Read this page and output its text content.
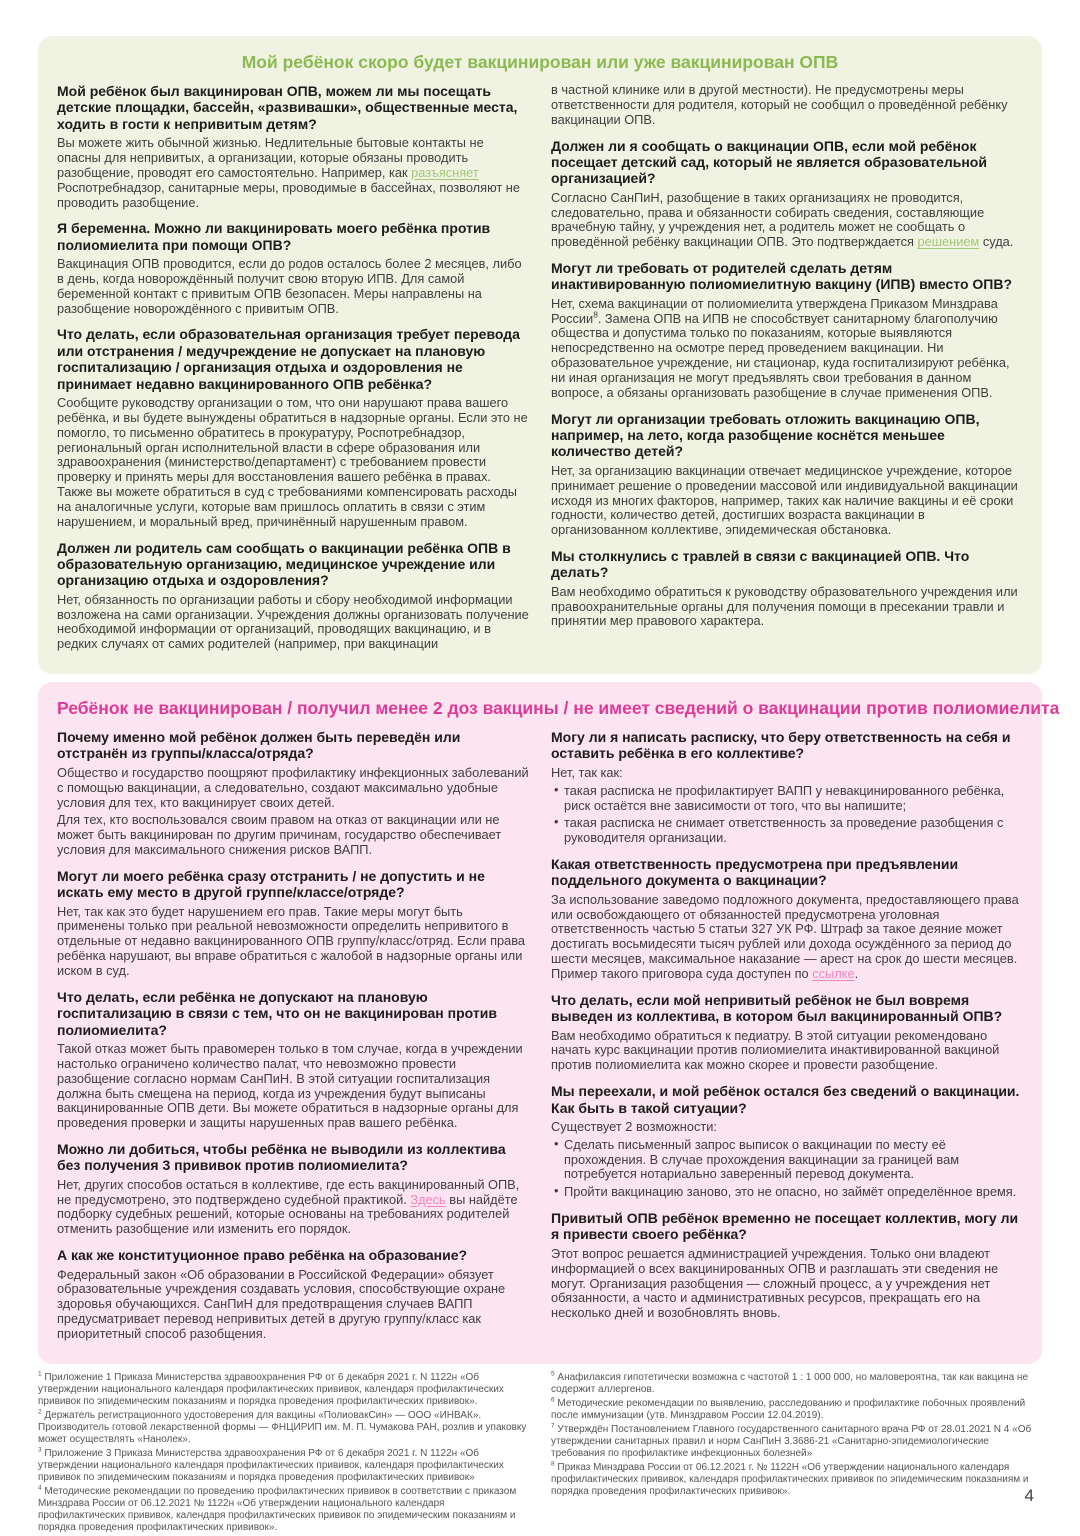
Мой ребёнок скоро будет вакцинирован или уже вакцинирован ОПВ
Мой ребёнок был вакцинирован ОПВ, можем ли мы посещать детские площадки, бассейн, «развивашки», общественные места, ходить в гости к непривитым детям?

Вы можете жить обычной жизнью. Недлительные бытовые контакты не опасны для непривитых, а организации, которые обязаны проводить разобщение, проводят его самостоятельно. Например, как разъясняет Роспотребнадзор, санитарные меры, проводимые в бассейнах, позволяют не проводить разобщение.

Я беременна. Можно ли вакцинировать моего ребёнка против полиомиелита при помощи ОПВ?

Вакцинация ОПВ проводится, если до родов осталось более 2 месяцев, либо в день, когда новорождённый получит свою вторую ИПВ. Для самой беременной контакт с привитым ОПВ безопасен. Меры направлены на разобщение новорождённого с привитым ОПВ.

Что делать, если образовательная организация требует перевода или отстранения / медучреждение не допускает на плановую госпитализацию / организация отдыха и оздоровления не принимает недавно вакцинированного ОПВ ребёнка?

Сообщите руководству организации о том, что они нарушают права вашего ребёнка, и вы будете вынуждены обратиться в надзорные органы. Если это не помогло, то письменно обратитесь в прокуратуру, Роспотребнадзор, региональный орган исполнительной власти в сфере образования или здравоохранения (министерство/департамент) с требованием провести проверку и принять меры для восстановления вашего ребёнка в правах. Также вы можете обратиться в суд с требованиями компенсировать расходы на аналогичные услуги, которые вам пришлось оплатить в связи с этим нарушением, и моральный вред, причинённый нарушенным правом.

Должен ли родитель сам сообщать о вакцинации ребёнка ОПВ в образовательную организацию, медицинское учреждение или организацию отдыха и оздоровления?

Нет, обязанность по организации работы и сбору необходимой информации возложена на сами организации. Учреждения должны организовать получение необходимой информации от организаций, проводящих вакцинацию, и в редких случаях от самих родителей (например, при вакцинации

в частной клинике или в другой местности). Не предусмотрены меры ответственности для родителя, который не сообщил о проведённой ребёнку вакцинации ОПВ.

Должен ли я сообщать о вакцинации ОПВ, если мой ребёнок посещает детский сад, который не является образовательной организацией?

Согласно СанПиН, разобщение в таких организациях не проводится, следовательно, права и обязанности собирать сведения, составляющие врачебную тайну, у учреждения нет, а родитель может не сообщать о проведённой ребёнку вакцинации ОПВ. Это подтверждается решением суда.

Могут ли требовать от родителей сделать детям инактивированную полиомиелитную вакцину (ИПВ) вместо ОПВ?

Нет, схема вакцинации от полиомиелита утверждена Приказом Минздрава России$^8$. Замена ОПВ на ИПВ не способствует санитарному благополучию общества и допустима только по показаниям, которые выявляются непосредственно на осмотре перед проведением вакцинации. Ни образовательное учреждение, ни стационар, куда госпитализируют ребёнка, ни иная организация не могут предъявлять свои требования в данном вопросе, а обязаны организовать разобщение в случае применения ОПВ.

Могут ли организации требовать отложить вакцинацию ОПВ, например, на лето, когда разобщение коснётся меньшее количество детей?

Нет, за организацию вакцинации отвечает медицинское учреждение, которое принимает решение о проведении массовой или индивидуальной вакцинации исходя из многих факторов, например, таких как наличие вакцины и её сроки годности, количество детей, достигших возраста вакцинации в организованном коллективе, эпидемическая обстановка.

Мы столкнулись с травлей в связи с вакцинацией ОПВ. Что делать?

Вам необходимо обратиться к руководству образовательного учреждения или правоохранительные органы для получения помощи в пресекании травли и принятии мер правового характера.

Ребёнок не вакцинирован / получил менее 2 доз вакцины / не имеет сведений о вакцинации против полиомиелита
Почему именно мой ребёнок должен быть переведён или отстранён из группы/класса/отряда?

Общество и государство поощряют профилактику инфекционных заболеваний с помощью вакцинации, а следовательно, создают максимально удобные условия для тех, кто вакцинирует своих детей.

Для тех, кто воспользовался своим правом на отказ от вакцинации или не может быть вакцинирован по другим причинам, государство обеспечивает условия для максимального снижения рисков ВАПП.

Могут ли моего ребёнка сразу отстранить / не допустить и не искать ему место в другой группе/классе/отряде?

Нет, так как это будет нарушением его прав. Такие меры могут быть применены только при реальной невозможности определить непривитого в отдельные от недавно вакцинированного ОПВ группу/класс/отряд. Если права ребёнка нарушают, вы вправе обратиться с жалобой в надзорные органы или иском в суд.

Что делать, если ребёнка не допускают на плановую госпитализацию в связи с тем, что он не вакцинирован против полиомиелита?

Такой отказ может быть правомерен только в том случае, когда в учреждении настолько ограничено количество палат, что невозможно провести разобщение согласно нормам СанПиН. В этой ситуации госпитализация должна быть смещена на период, когда из учреждения будут выписаны вакцинированные ОПВ дети. Вы можете обратиться в надзорные органы для проведения проверки и защиты нарушенных прав вашего ребёнка.

Можно ли добиться, чтобы ребёнка не выводили из коллектива без получения 3 прививок против полиомиелита?

Нет, других способов остаться в коллективе, где есть вакцинированный ОПВ, не предусмотрено, это подтверждено судебной практикой. Здесь вы найдёте подборку судебных решений, которые основаны на требованиях родителей отменить разобщение или изменить его порядок.

А как же конституционное право ребёнка на образование?

Федеральный закон «Об образовании в Российской Федерации» обязует образовательные учреждения создавать условия, способствующие охране здоровья обучающихся. СанПиН для предотвращения случаев ВАПП предусматривает перевод непривитых детей в другую группу/класс как приоритетный способ разобщения.

Могу ли я написать расписку, что беру ответственность на себя и оставить ребёнка в его коллективе?

Нет, так как:

• такая расписка не профилактирует ВАПП у невакцинированного ребёнка, риск остаётся вне зависимости от того, что вы напишите;

• такая расписка не снимает ответственность за проведение разобщения с руководителя организации.

Какая ответственность предусмотрена при предъявлении поддельного документа о вакцинации?

За использование заведомо подложного документа, предоставляющего права или освобождающего от обязанностей предусмотрена уголовная ответственность частью 5 статьи 327 УК РФ. Штраф за такое деяние может достигать восьмидесяти тысяч рублей или дохода осуждённого за период до шести месяцев, максимальное наказание — арест на срок до шести месяцев. Пример такого приговора суда доступен по ссылке.

Что делать, если мой непривитый ребёнок не был вовремя выведен из коллектива, в котором был вакцинированный ОПВ?

Вам необходимо обратиться к педиатру. В этой ситуации рекомендовано начать курс вакцинации против полиомиелита инактивированной вакциной против полиомиелита как можно скорее и провести разобщение.

Мы переехали, и мой ребёнок остался без сведений о вакцинации. Как быть в такой ситуации?

Существует 2 возможности:

• Сделать письменный запрос выписок о вакцинации по месту её прохождения. В случае прохождения вакцинации за границей вам потребуется нотариально заверенный перевод документа.

• Пройти вакцинацию заново, это не опасно, но займёт определённое время.

Привитый ОПВ ребёнок временно не посещает коллектив, могу ли я привести своего ребёнка?

Этот вопрос решается администрацией учреждения. Только они владеют информацией о всех вакцинированных ОПВ и разглашать эти сведения не могут. Организация разобщения — сложный процесс, а у учреждения нет обязанности, а часто и административных ресурсов, прекращать его на несколько дней и возобновлять вновь.

$^1$ Приложение 1 Приказа Министерства здравоохранения РФ от 6 декабря 2021 г. N 1122н «Об утверждении национального календаря профилактических прививок, календаря профилактических прививок по эпидемическим показаниям и порядка проведения профилактических прививок».

$^2$ Держатель регистрационного удостоверения для вакцины «ПолиовакСин» — ООО «ИНВАК». Производитель готовой лекарственной формы — ФНЦИРИП им. М. П. Чумакова РАН, розлив и упаковку может осуществлять «Нанолек».

$^3$ Приложение 3 Приказа Министерства здравоохранения РФ от 6 декабря 2021 г. N 1122н «Об утверждении национального календаря профилактических прививок, календаря профилактических прививок по эпидемическим показаниям и порядка проведения профилактических прививок»

$^4$ Методические рекомендации по проведению профилактических прививок в соответствии с приказом Минздрава России от 06.12.2021 № 1122н «Об утверждении национального календаря профилактических прививок, календаря профилактических прививок по эпидемическим показаниям и порядка проведения профилактических прививок».

$^5$ Анафилаксия гипотетически возможна с частотой 1 : 1 000 000, но маловероятна, так как вакцина не содержит аллергенов.

$^6$ Методические рекомендации по выявлению, расследованию и профилактике побочных проявлений после иммунизации (утв. Минздравом России 12.04.2019).

$^7$ Утверждён Постановлением Главного государственного санитарного врача РФ от 28.01.2021 N 4 «Об утверждении санитарных правил и норм СанПиН 3.3686-21 «Санитарно-эпидемиологические требования по профилактике инфекционных болезней»

$^8$ Приказ Минздрава России от 06.12.2021 г. № 1122Н «Об утверждении национального календаря профилактических прививок, календаря профилактических прививок по эпидемическим показаниям и порядка проведения профилактических прививок».	4
